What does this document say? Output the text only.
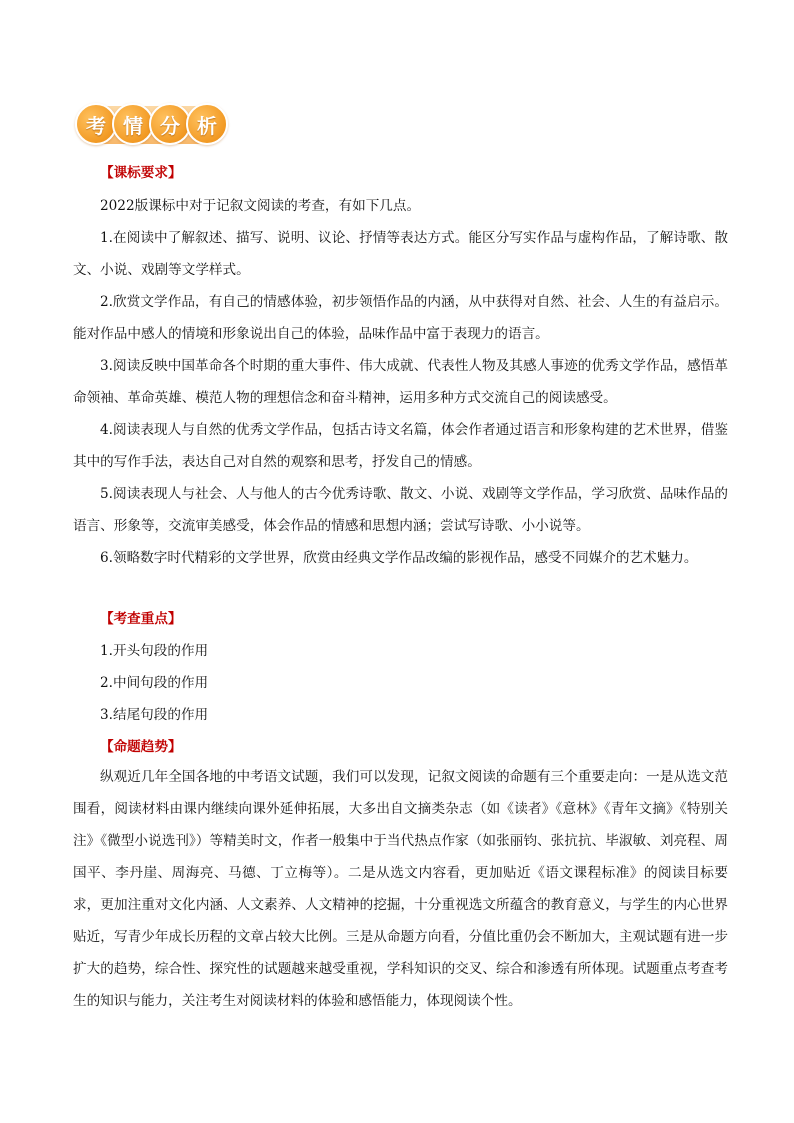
考 情 分 析
【课标要求】

2022版课标中对于记叙文阅读的考查，有如下几点。

1.在阅读中了解叙述、描写、说明、议论、抒情等表达方式。能区分写实作品与虚构作品，了解诗歌、散文、小说、戏剧等文学样式。

2.欣赏文学作品，有自己的情感体验，初步领悟作品的内涵，从中获得对自然、社会、人生的有益启示。能对作品中感人的情境和形象说出自己的体验，品味作品中富于表现力的语言。

3.阅读反映中国革命各个时期的重大事件、伟大成就、代表性人物及其感人事迹的优秀文学作品，感悟革命领袖、革命英雄、模范人物的理想信念和奋斗精神，运用多种方式交流自己的阅读感受。

4.阅读表现人与自然的优秀文学作品，包括古诗文名篇，体会作者通过语言和形象构建的艺术世界，借鉴其中的写作手法，表达自己对自然的观察和思考，抒发自己的情感。

5.阅读表现人与社会、人与他人的古今优秀诗歌、散文、小说、戏剧等文学作品，学习欣赏、品味作品的语言、形象等，交流审美感受，体会作品的情感和思想内涵；尝试写诗歌、小小说等。

6.领略数字时代精彩的文学世界，欣赏由经典文学作品改编的影视作品，感受不同媒介的艺术魅力。

【考查重点】
1.开头句段的作用
2.中间句段的作用
3.结尾句段的作用
【命题趋势】

纵观近几年全国各地的中考语文试题，我们可以发现，记叙文阅读的命题有三个重要走向：一是从选文范围看，阅读材料由课内继续向课外延伸拓展，大多出自文摘类杂志（如《读者》《意林》《青年文摘》《特别关注》《微型小说选刊》）等精美时文，作者一般集中于当代热点作家（如张丽钧、张抗抗、毕淑敏、刘亮程、周国平、李丹崖、周海亮、马德、丁立梅等）。二是从选文内容看，更加贴近《语文课程标准》的阅读目标要求，更加注重对文化内涵、人文素养、人文精神的挖掘，十分重视选文所蕴含的教育意义，与学生的内心世界贴近，写青少年成长历程的文章占较大比例。三是从命题方向看，分值比重仍会不断加大，主观试题有进一步扩大的趋势，综合性、探究性的试题越来越受重视，学科知识的交叉、综合和渗透有所体现。试题重点考查考生的知识与能力，关注考生对阅读材料的体验和感悟能力，体现阅读个性。
